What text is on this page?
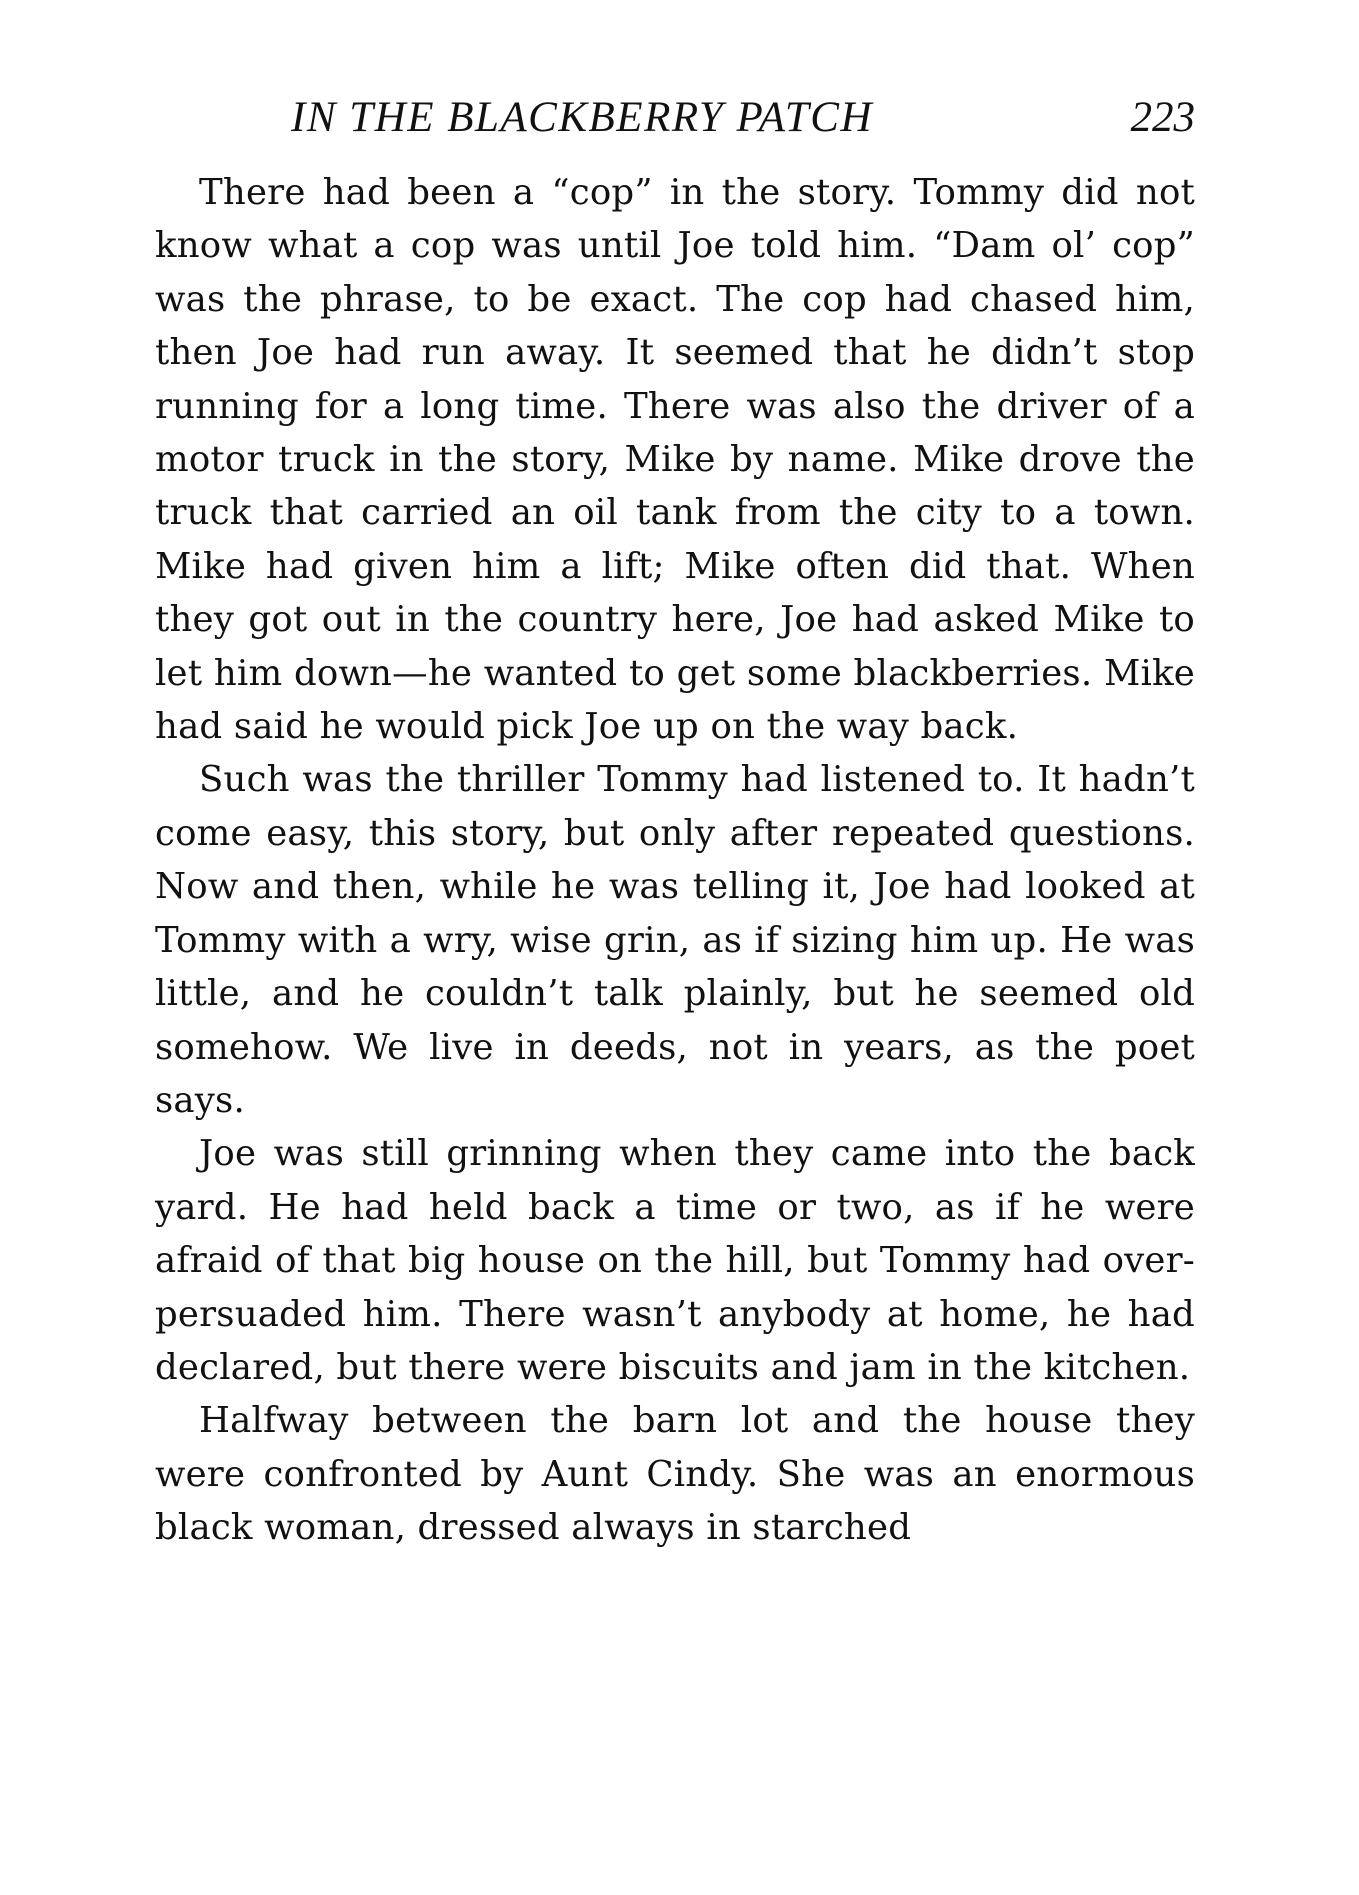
IN THE BLACKBERRY PATCH	223

There had been a “cop” in the story. Tommy did not know what a cop was until Joe told him. “Dam ol’ cop” was the phrase, to be exact. The cop had chased him, then Joe had run away. It seemed that he didn’t stop running for a long time. There was also the driver of a motor truck in the story, Mike by name. Mike drove the truck that carried an oil tank from the city to a town. Mike had given him a lift; Mike often did that. When they got out in the country here, Joe had asked Mike to let him down—he wanted to get some blackberries. Mike had said he would pick Joe up on the way back.

Such was the thriller Tommy had listened to. It hadn’t come easy, this story, but only after repeated questions. Now and then, while he was telling it, Joe had looked at Tommy with a wry, wise grin, as if sizing him up. He was little, and he couldn’t talk plainly, but he seemed old somehow. We live in deeds, not in years, as the poet says.

Joe was still grinning when they came into the back yard. He had held back a time or two, as if he were afraid of that big house on the hill, but Tommy had over-persuaded him. There wasn’t anybody at home, he had declared, but there were biscuits and jam in the kitchen.

Halfway between the barn lot and the house they were confronted by Aunt Cindy. She was an enormous black woman, dressed always in starched
